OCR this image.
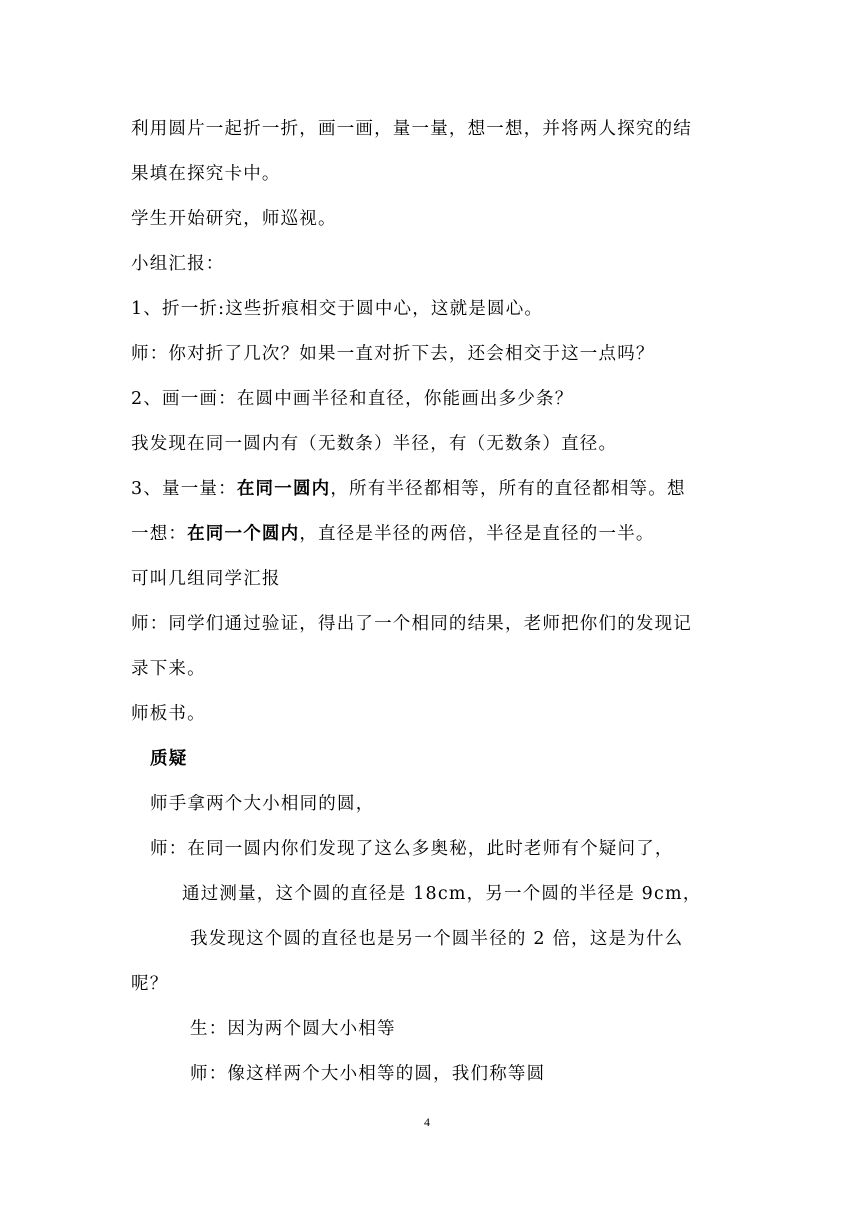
利用圆片一起折一折，画一画，量一量，想一想，并将两人探究的结
果填在探究卡中。
学生开始研究，师巡视。
小组汇报：
1、折一折:这些折痕相交于圆中心，这就是圆心。
师：你对折了几次？如果一直对折下去，还会相交于这一点吗？
2、画一画：在圆中画半径和直径，你能画出多少条？
我发现在同一圆内有（无数条）半径，有（无数条）直径。
3、量一量：在同一圆内，所有半径都相等，所有的直径都相等。想
一想：在同一个圆内，直径是半径的两倍，半径是直径的一半。
可叫几组同学汇报
师：同学们通过验证，得出了一个相同的结果，老师把你们的发现记
录下来。
师板书。
质疑
师手拿两个大小相同的圆，
师：在同一圆内你们发现了这么多奥秘，此时老师有个疑问了，
通过测量，这个圆的直径是 18cm，另一个圆的半径是 9cm，
我发现这个圆的直径也是另一个圆半径的 2 倍，这是为什么
呢？
生：因为两个圆大小相等
师：像这样两个大小相等的圆，我们称等圆
4
